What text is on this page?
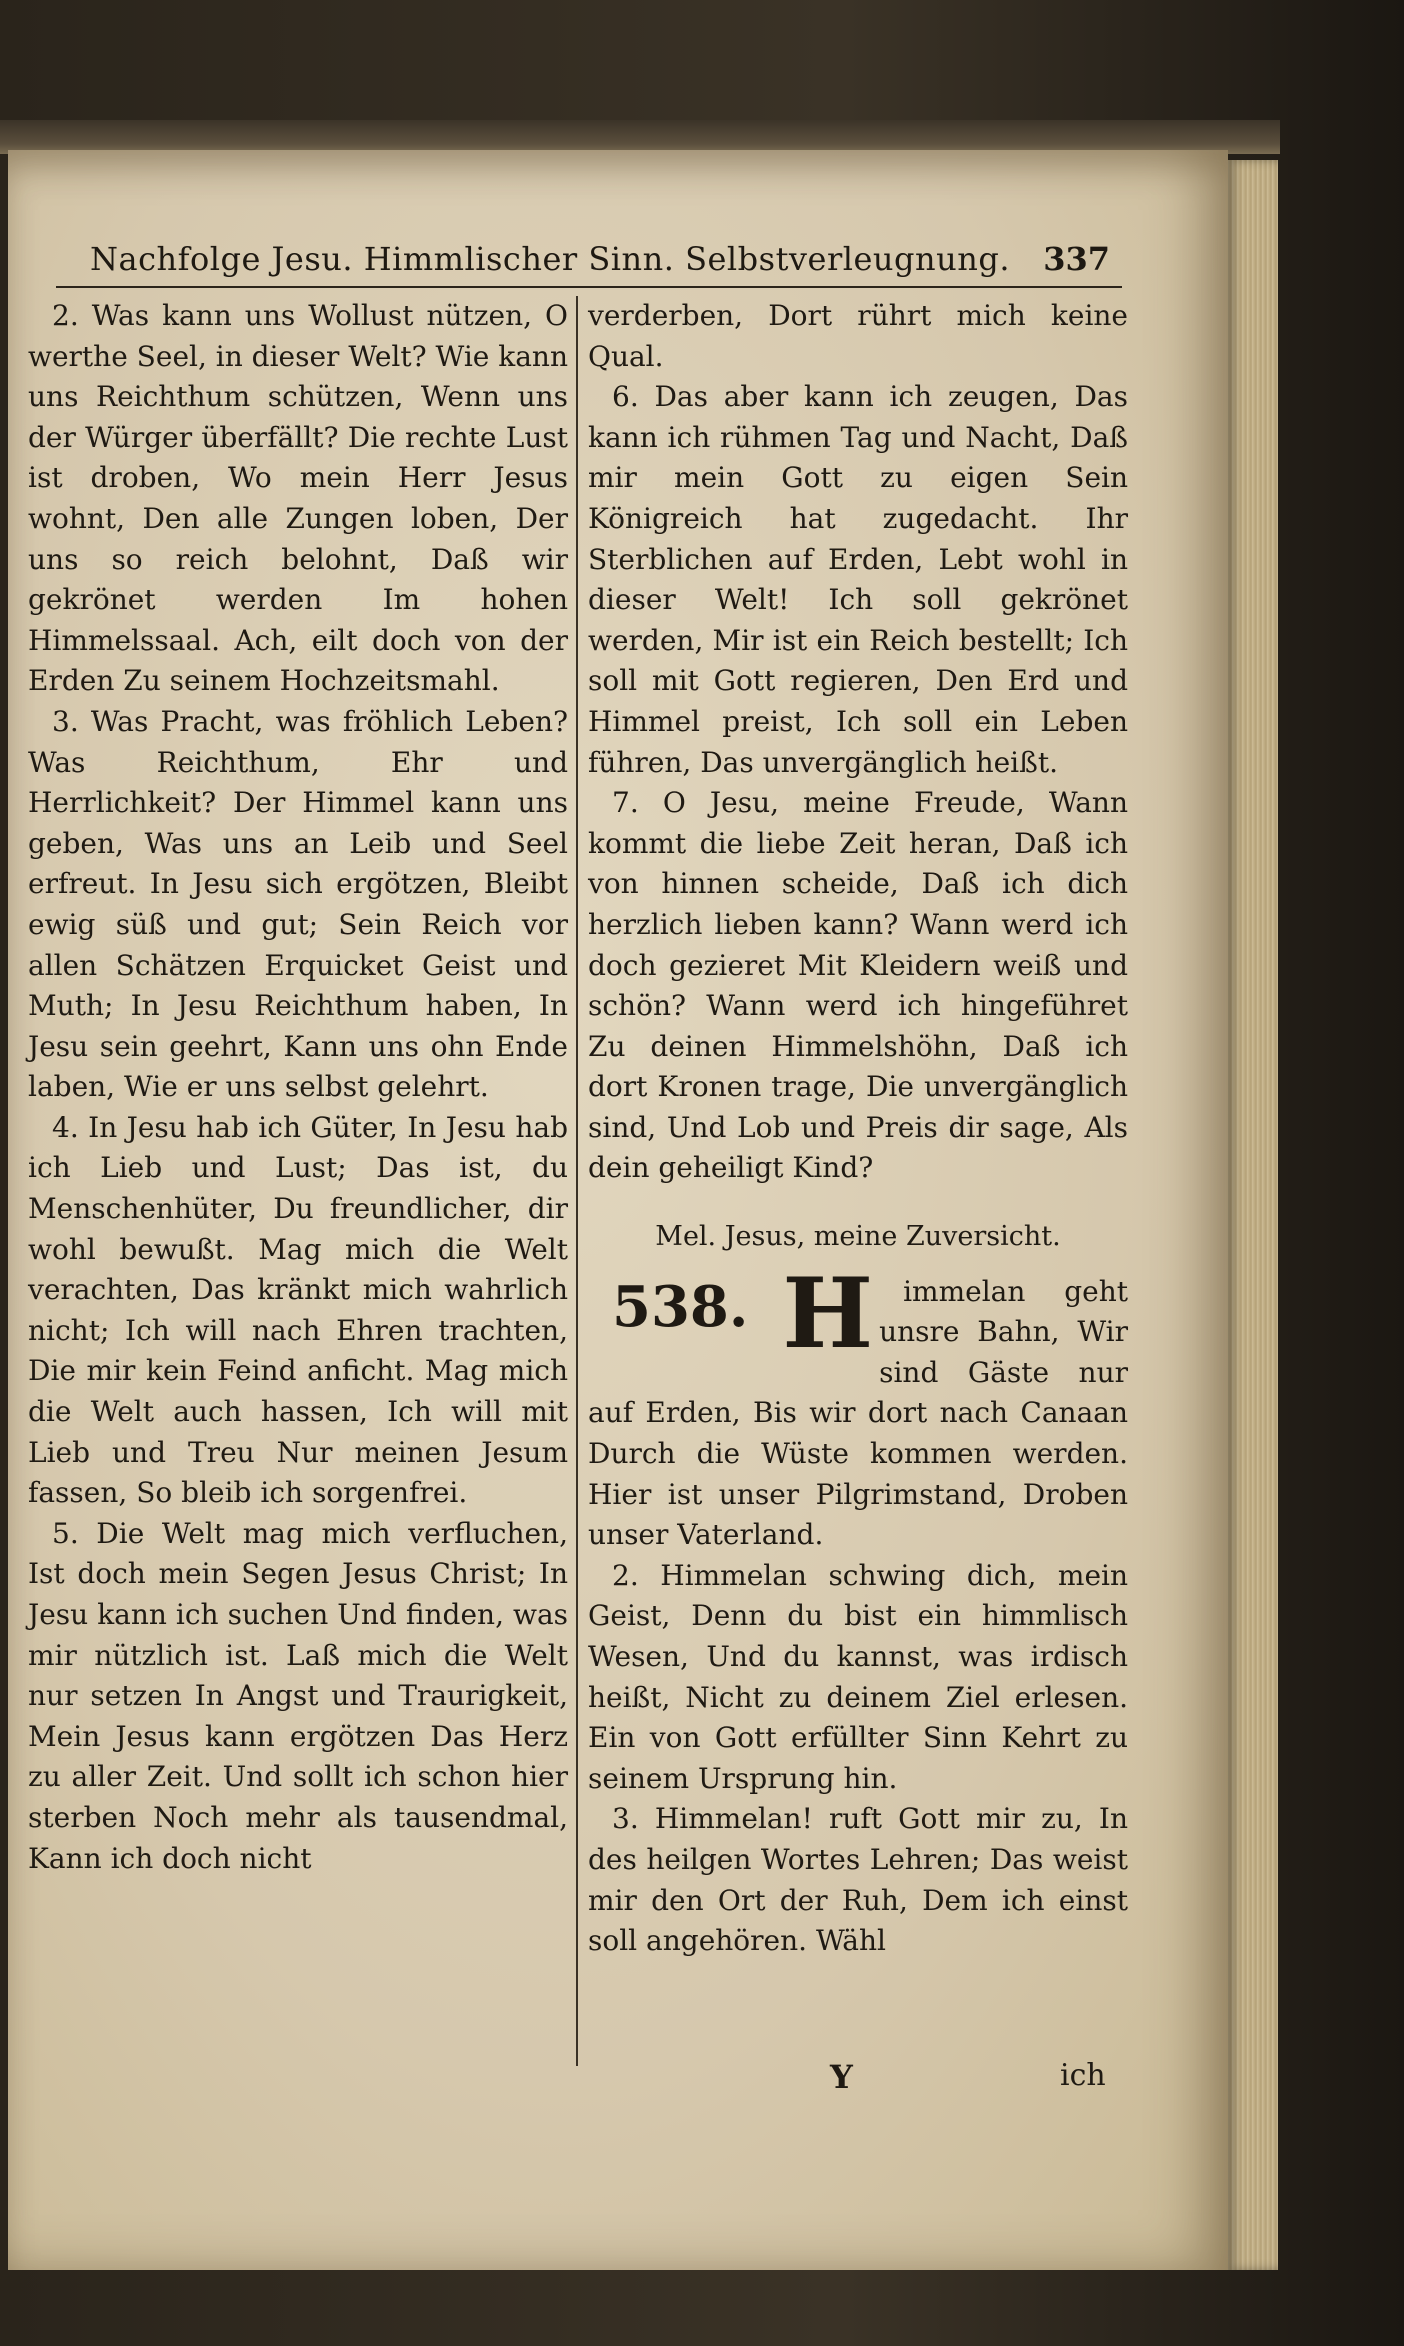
Nachfolge Jesu. Himmlischer Sinn. Selbstverleugnung. 337

2. Was kann uns Wollust nützen, O werthe Seel, in dieser Welt? Wie kann uns Reichthum schützen, Wenn uns der Würger überfällt? Die rechte Lust ist droben, Wo mein Herr Jesus wohnt, Den alle Zungen loben, Der uns so reich belohnt, Daß wir gekrönet werden Im hohen Himmelssaal. Ach, eilt doch von der Erden Zu seinem Hochzeitsmahl.

3. Was Pracht, was fröhlich Leben? Was Reichthum, Ehr und Herrlichkeit? Der Himmel kann uns geben, Was uns an Leib und Seel erfreut. In Jesu sich ergötzen, Bleibt ewig süß und gut; Sein Reich vor allen Schätzen Erquicket Geist und Muth; In Jesu Reichthum haben, In Jesu sein geehrt, Kann uns ohn Ende laben, Wie er uns selbst gelehrt.

4. In Jesu hab ich Güter, In Jesu hab ich Lieb und Lust; Das ist, du Menschenhüter, Du freundlicher, dir wohl bewußt. Mag mich die Welt verachten, Das kränkt mich wahrlich nicht; Ich will nach Ehren trachten, Die mir kein Feind anficht. Mag mich die Welt auch hassen, Ich will mit Lieb und Treu Nur meinen Jesum fassen, So bleib ich sorgenfrei.

5. Die Welt mag mich verfluchen, Ist doch mein Segen Jesus Christ; In Jesu kann ich suchen Und finden, was mir nützlich ist. Laß mich die Welt nur setzen In Angst und Traurigkeit, Mein Jesus kann ergötzen Das Herz zu aller Zeit. Und sollt ich schon hier sterben Noch mehr als tausendmal, Kann ich doch nicht

verderben, Dort rührt mich keine Qual.

6. Das aber kann ich zeugen, Das kann ich rühmen Tag und Nacht, Daß mir mein Gott zu eigen Sein Königreich hat zugedacht. Ihr Sterblichen auf Erden, Lebt wohl in dieser Welt! Ich soll gekrönet werden, Mir ist ein Reich bestellt; Ich soll mit Gott regieren, Den Erd und Himmel preist, Ich soll ein Leben führen, Das unvergänglich heißt.

7. O Jesu, meine Freude, Wann kommt die liebe Zeit heran, Daß ich von hinnen scheide, Daß ich dich herzlich lieben kann? Wann werd ich doch gezieret Mit Kleidern weiß und schön? Wann werd ich hingeführet Zu deinen Himmelshöhn, Daß ich dort Kronen trage, Die unvergänglich sind, Und Lob und Preis dir sage, Als dein geheiligt Kind?

Mel. Jesus, meine Zuversicht.

538. H immelan geht unsre Bahn, Wir sind Gäste nur auf Erden, Bis wir dort nach Canaan Durch die Wüste kommen werden. Hier ist unser Pilgrimstand, Droben unser Vaterland.

2. Himmelan schwing dich, mein Geist, Denn du bist ein himmlisch Wesen, Und du kannst, was irdisch heißt, Nicht zu deinem Ziel erlesen. Ein von Gott erfüllter Sinn Kehrt zu seinem Ursprung hin.

3. Himmelan! ruft Gott mir zu, In des heilgen Wortes Lehren; Das weist mir den Ort der Ruh, Dem ich einst soll angehören. Wähl

Y	ich
